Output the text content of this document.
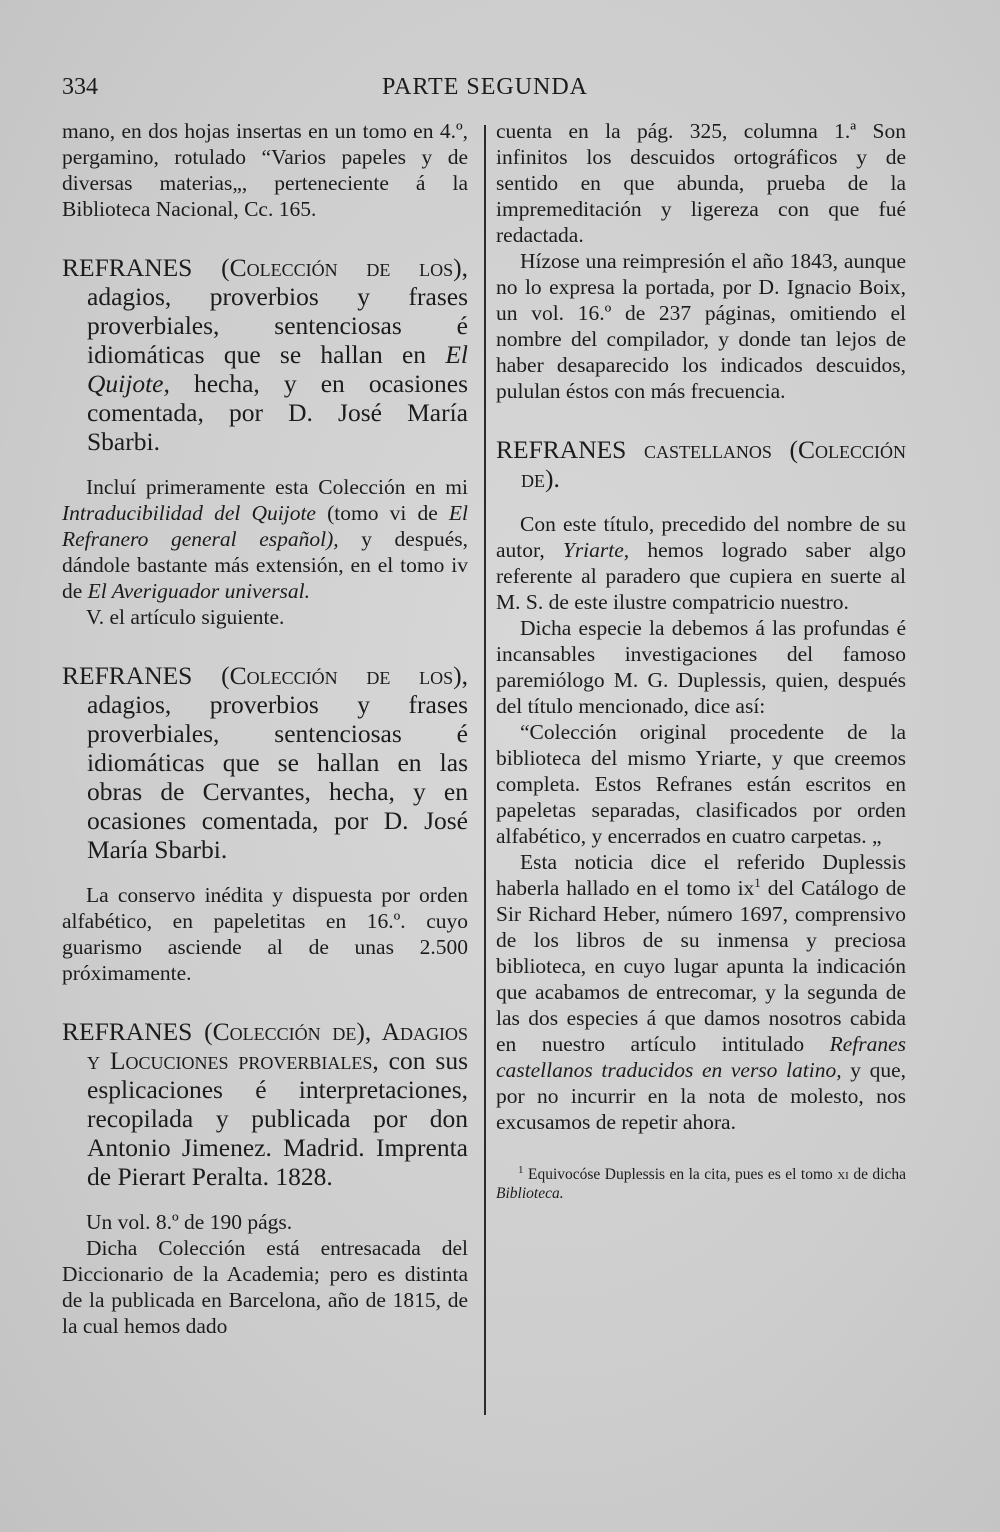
334	PARTE SEGUNDA

mano, en dos hojas insertas en un tomo en 4.º, pergamino, rotulado “Varios papeles y de diversas materias„, perteneciente á la Biblioteca Nacional, Cc. 165.

REFRANES (Colección de los), adagios, proverbios y frases proverbiales, sentenciosas é idiomáticas que se hallan en El Quijote, hecha, y en ocasiones comentada, por D. José María Sbarbi.

Incluí primeramente esta Colección en mi Intraducibilidad del Quijote (tomo vi de El Refranero general español), y después, dándole bastante más extensión, en el tomo iv de El Averiguador universal.

V. el artículo siguiente.

REFRANES (Colección de los), adagios, proverbios y frases proverbiales, sentenciosas é idiomáticas que se hallan en las obras de Cervantes, hecha, y en ocasiones comentada, por D. José María Sbarbi.

La conservo inédita y dispuesta por orden alfabético, en papeletitas en 16.º. cuyo guarismo asciende al de unas 2.500 próximamente.

REFRANES (Colección de), Adagios y Locuciones proverbiales, con sus esplicaciones é interpretaciones, recopilada y publicada por don Antonio Jimenez. Madrid. Imprenta de Pierart Peralta. 1828.

Un vol. 8.º de 190 págs.

Dicha Colección está entresacada del Diccionario de la Academia; pero es distinta de la publicada en Barcelona, año de 1815, de la cual hemos dado

cuenta en la pág. 325, columna 1.ª Son infinitos los descuidos ortográficos y de sentido en que abunda, prueba de la impremeditación y ligereza con que fué redactada.

Hízose una reimpresión el año 1843, aunque no lo expresa la portada, por D. Ignacio Boix, un vol. 16.º de 237 páginas, omitiendo el nombre del compilador, y donde tan lejos de haber desaparecido los indicados descuidos, pululan éstos con más frecuencia.

REFRANES castellanos (Colección de).

Con este título, precedido del nombre de su autor, Yriarte, hemos logrado saber algo referente al paradero que cupiera en suerte al M. S. de este ilustre compatricio nuestro.

Dicha especie la debemos á las profundas é incansables investigaciones del famoso paremiólogo M. G. Duplessis, quien, después del título mencionado, dice así:

“Colección original procedente de la biblioteca del mismo Yriarte, y que creemos completa. Estos Refranes están escritos en papeletas separadas, clasificados por orden alfabético, y encerrados en cuatro carpetas. „

Esta noticia dice el referido Duplessis haberla hallado en el tomo $ix^1$ del Catálogo de Sir Richard Heber, número 1697, comprensivo de los libros de su inmensa y preciosa biblioteca, en cuyo lugar apunta la indicación que acabamos de entrecomar, y la segunda de las dos especies á que damos nosotros cabida en nuestro artículo intitulado Refranes castellanos traducidos en verso latino, y que, por no incurrir en la nota de molesto, nos excusamos de repetir ahora.

$^1$ Equivocóse Duplessis en la cita, pues es el tomo xi de dicha Biblioteca.
